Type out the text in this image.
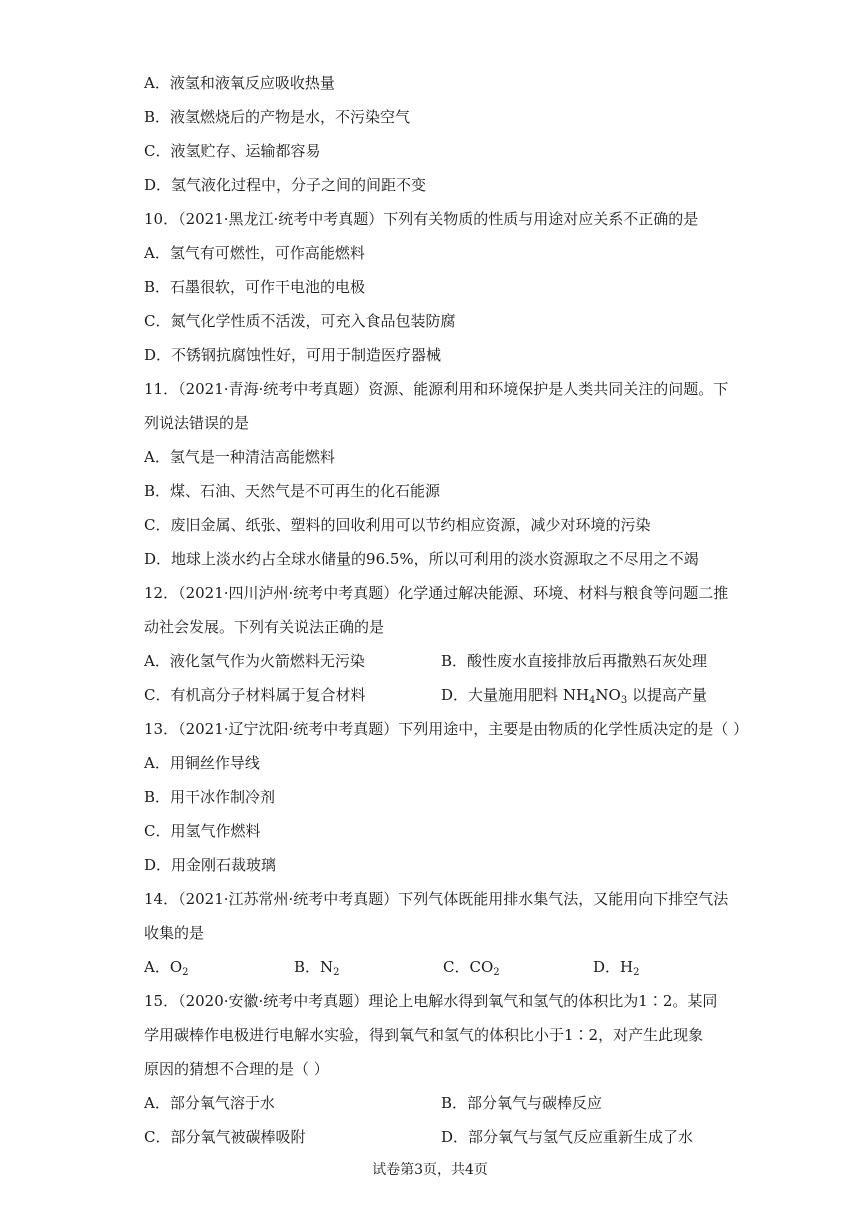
A．液氢和液氧反应吸收热量
B．液氢燃烧后的产物是水，不污染空气
C．液氢贮存、运输都容易
D．氢气液化过程中，分子之间的间距不变
10．（2021·黑龙江·统考中考真题）下列有关物质的性质与用途对应关系不正确的是
A．氢气有可燃性，可作高能燃料
B．石墨很软，可作干电池的电极
C．氮气化学性质不活泼，可充入食品包装防腐
D．不锈钢抗腐蚀性好，可用于制造医疗器械
11．（2021·青海·统考中考真题）资源、能源利用和环境保护是人类共同关注的问题。下
列说法错误的是
A．氢气是一种清洁高能燃料
B．煤、石油、天然气是不可再生的化石能源
C．废旧金属、纸张、塑料的回收利用可以节约相应资源，减少对环境的污染
D．地球上淡水约占全球水储量的96.5%，所以可利用的淡水资源取之不尽用之不竭
12．（2021·四川泸州·统考中考真题）化学通过解决能源、环境、材料与粮食等问题二推
动社会发展。下列有关说法正确的是
A．液化氢气作为火箭燃料无污染	B．酸性废水直接排放后再撒熟石灰处理
C．有机高分子材料属于复合材料	D．大量施用肥料 $NH_4NO_3$ 以提高产量
13．（2021·辽宁沈阳·统考中考真题）下列用途中，主要是由物质的化学性质决定的是（ ）
A．用铜丝作导线
B．用干冰作制冷剂
C．用氢气作燃料
D．用金刚石裁玻璃
14．（2021·江苏常州·统考中考真题）下列气体既能用排水集气法，又能用向下排空气法
收集的是
A．$O_2$	B．$N_2$	C．$CO_2$	D．$H_2$
15．（2020·安徽·统考中考真题）理论上电解水得到氧气和氢气的体积比为1∶2。某同
学用碳棒作电极进行电解水实验，得到氧气和氢气的体积比小于1∶2，对产生此现象
原因的猜想不合理的是（ ）
A．部分氧气溶于水	B．部分氧气与碳棒反应
C．部分氧气被碳棒吸附	D．部分氧气与氢气反应重新生成了水
试卷第3页，共4页
